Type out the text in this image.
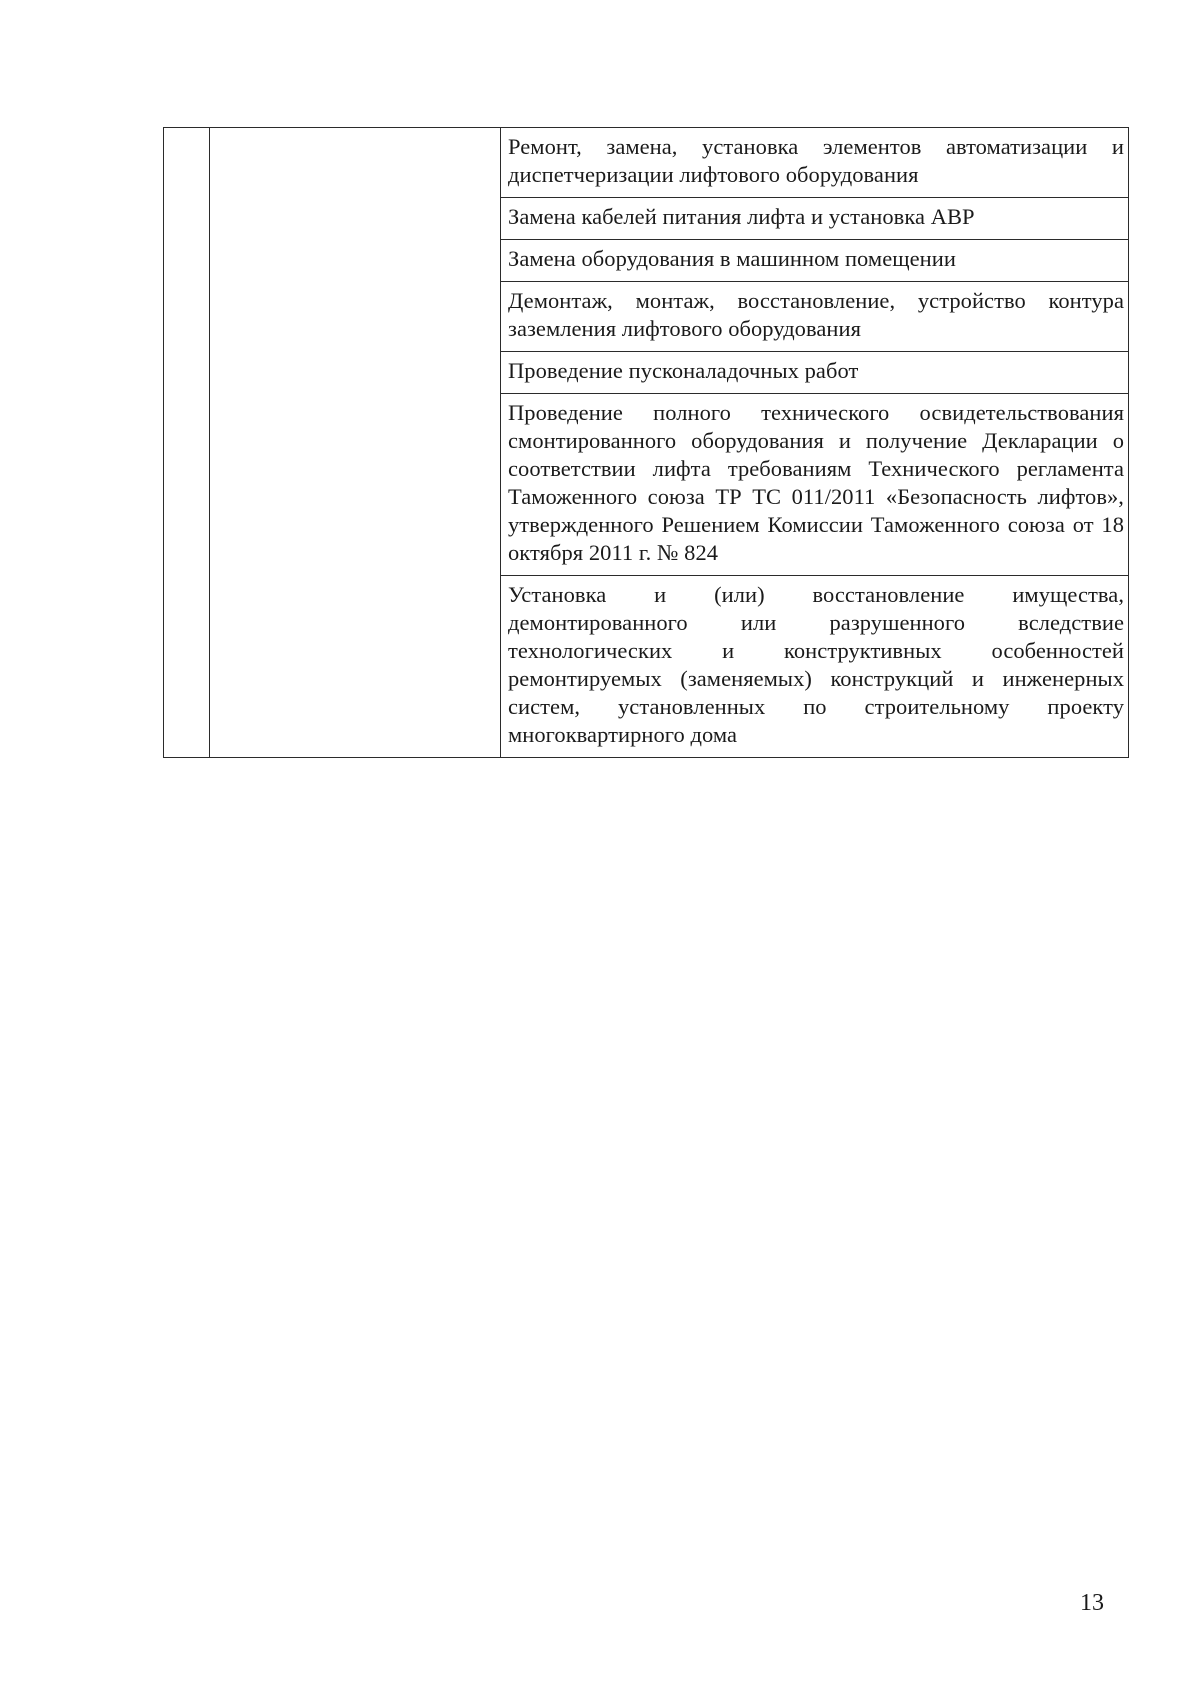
Ремонт, замена, установка элементов автоматизации и диспетчеризации лифтового оборудования

Замена кабелей питания лифта и установка АВР

Замена оборудования в машинном помещении

Демонтаж, монтаж, восстановление, устройство контура заземления лифтового оборудования

Проведение пусконаладочных работ

Проведение полного технического освидетельствования смонтированного оборудования и получение Декларации о соответствии лифта требованиям Технического регламента Таможенного союза ТР ТС 011/2011 «Безопасность лифтов», утвержденного Решением Комиссии Таможенного союза от 18 октября 2011 г. № 824

Установка и (или) восстановление имущества, демонтированного или разрушенного вследствие технологических и конструктивных особенностей ремонтируемых (заменяемых) конструкций и инженерных систем, установленных по строительному проекту многоквартирного дома
13
